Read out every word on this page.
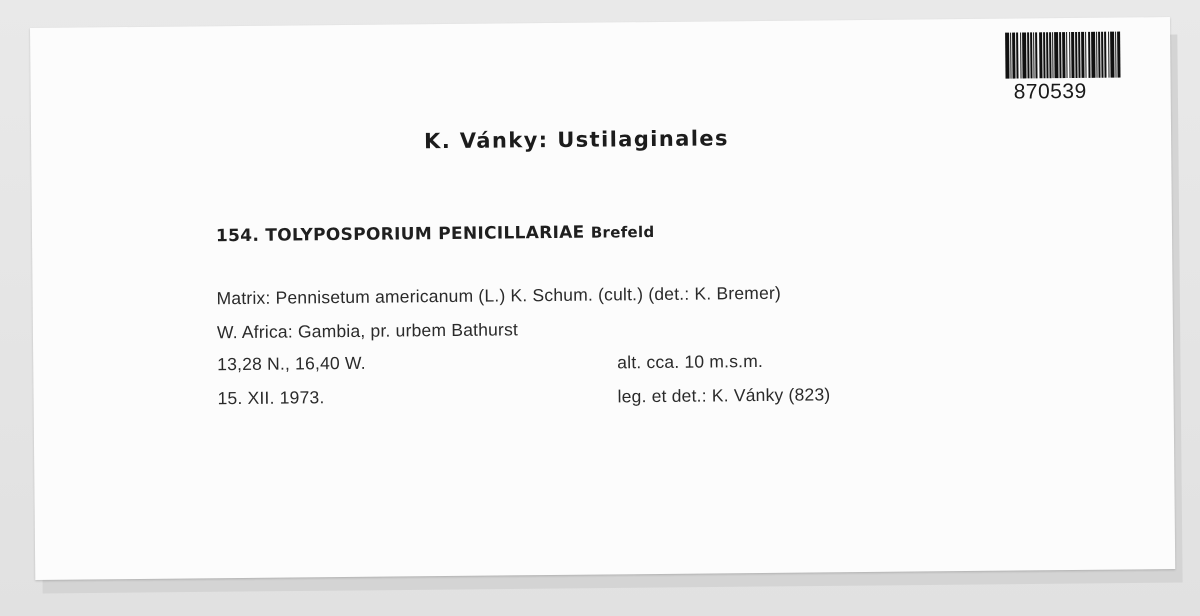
870539
K. Vánky: Ustilaginales
154. TOLYPOSPORIUM PENICILLARIAE Brefeld
Matrix: Pennisetum americanum (L.) K. Schum. (cult.) (det.: K. Bremer)
W. Africa: Gambia, pr. urbem Bathurst
13,28 N., 16,40 W.	alt. cca. 10 m.s.m.
15. XII. 1973.	leg. et det.: K. Vánky (823)
